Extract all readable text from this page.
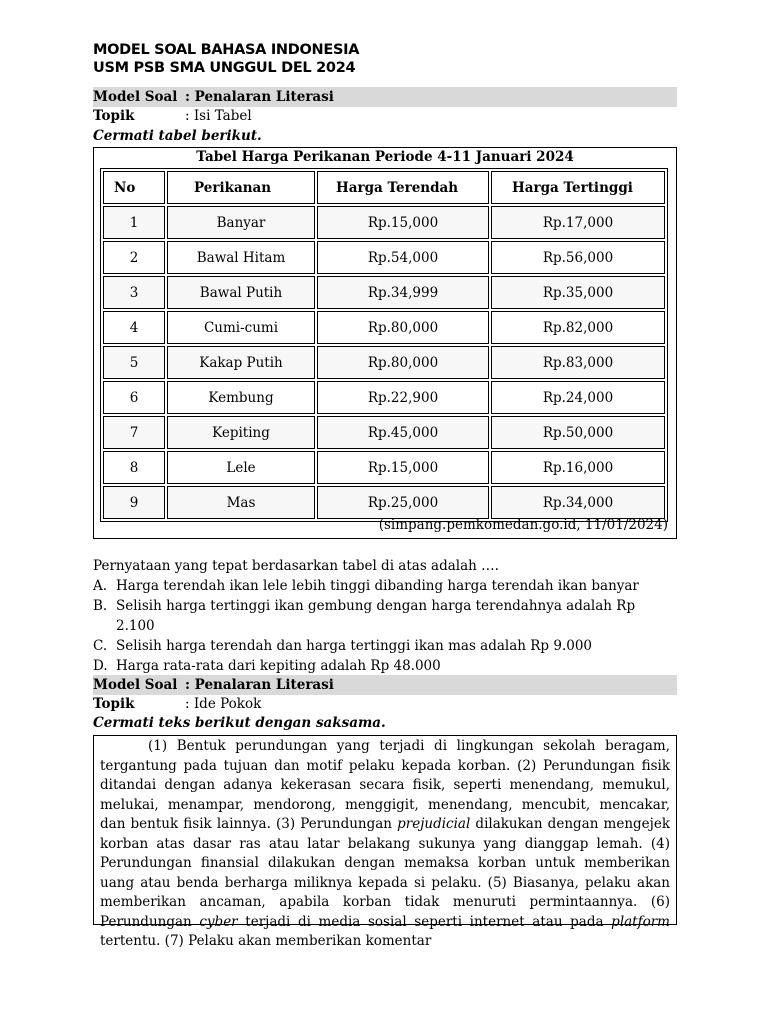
MODEL SOAL BAHASA INDONESIA
USM PSB SMA UNGGUL DEL 2024
Model Soal : Penalaran Literasi
Topik	: Isi Tabel
Cermati tabel berikut.
Tabel Harga Perikanan Periode 4-11 Januari 2024
No	Perikanan	Harga Terendah	Harga Tertinggi
1	Banyar	Rp.15,000	Rp.17,000
2	Bawal Hitam	Rp.54,000	Rp.56,000
3	Bawal Putih	Rp.34,999	Rp.35,000
4	Cumi-cumi	Rp.80,000	Rp.82,000
5	Kakap Putih	Rp.80,000	Rp.83,000
6	Kembung	Rp.22,900	Rp.24,000
7	Kepiting	Rp.45,000	Rp.50,000
8	Lele	Rp.15,000	Rp.16,000
9	Mas	Rp.25,000	Rp.34,000
(simpang.pemkomedan.go.id, 11/01/2024)
Pernyataan yang tepat berdasarkan tabel di atas adalah ….
A. Harga terendah ikan lele lebih tinggi dibanding harga terendah ikan banyar
B. Selisih harga tertinggi ikan gembung dengan harga terendahnya adalah Rp 2.100
C. Selisih harga terendah dan harga tertinggi ikan mas adalah Rp 9.000
D. Harga rata-rata dari kepiting adalah Rp 48.000
Model Soal : Penalaran Literasi
Topik	: Ide Pokok
Cermati teks berikut dengan saksama.
(1) Bentuk perundungan yang terjadi di lingkungan sekolah beragam, tergantung pada tujuan dan motif pelaku kepada korban. (2) Perundungan fisik ditandai dengan adanya kekerasan secara fisik, seperti menendang, memukul, melukai, menampar, mendorong, menggigit, menendang, mencubit, mencakar, dan bentuk fisik lainnya. (3) Perundungan prejudicial dilakukan dengan mengejek korban atas dasar ras atau latar belakang sukunya yang dianggap lemah. (4) Perundungan finansial dilakukan dengan memaksa korban untuk memberikan uang atau benda berharga miliknya kepada si pelaku. (5) Biasanya, pelaku akan memberikan ancaman, apabila korban tidak menuruti permintaannya. (6) Perundungan cyber terjadi di media sosial seperti internet atau pada platform tertentu. (7) Pelaku akan memberikan komentar
